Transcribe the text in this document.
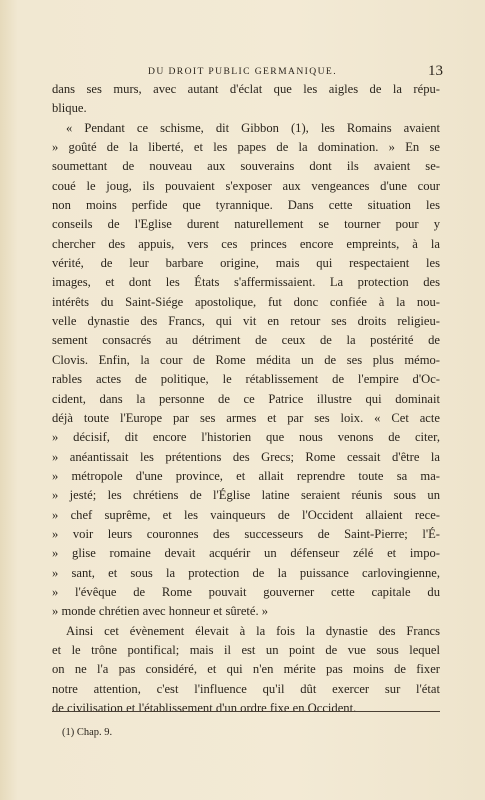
DU DROIT PUBLIC GERMANIQUE.	13
dans ses murs, avec autant d'éclat que les aigles de la répu-
blique.
« Pendant ce schisme, dit Gibbon (1), les Romains avaient
» goûté de la liberté, et les papes de la domination. » En se
soumettant de nouveau aux souverains dont ils avaient se-
coué le joug, ils pouvaient s'exposer aux vengeances d'une cour
non moins perfide que tyrannique. Dans cette situation les
conseils de l'Eglise durent naturellement se tourner pour y
chercher des appuis, vers ces princes encore empreints, à la
vérité, de leur barbare origine, mais qui respectaient les
images, et dont les États s'affermissaient. La protection des
intérêts du Saint-Siége apostolique, fut donc confiée à la nou-
velle dynastie des Francs, qui vit en retour ses droits religieu-
sement consacrés au détriment de ceux de la postérité de
Clovis. Enfin, la cour de Rome médita un de ses plus mémo-
rables actes de politique, le rétablissement de l'empire d'Oc-
cident, dans la personne de ce Patrice illustre qui dominait
déjà toute l'Europe par ses armes et par ses loix. « Cet acte
» décisif, dit encore l'historien que nous venons de citer,
» anéantissait les prétentions des Grecs; Rome cessait d'être la
» métropole d'une province, et allait reprendre toute sa ma-
» jesté; les chrétiens de l'Église latine seraient réunis sous un
» chef suprême, et les vainqueurs de l'Occident allaient rece-
» voir leurs couronnes des successeurs de Saint-Pierre; l'É-
» glise romaine devait acquérir un défenseur zélé et impo-
» sant, et sous la protection de la puissance carlovingienne,
» l'évêque de Rome pouvait gouverner cette capitale du
» monde chrétien avec honneur et sûreté. »
Ainsi cet évènement élevait à la fois la dynastie des Francs
et le trône pontifical; mais il est un point de vue sous lequel
on ne l'a pas considéré, et qui n'en mérite pas moins de fixer
notre attention, c'est l'influence qu'il dût exercer sur l'état
de civilisation et l'établissement d'un ordre fixe en Occident.
(1) Chap. 9.
